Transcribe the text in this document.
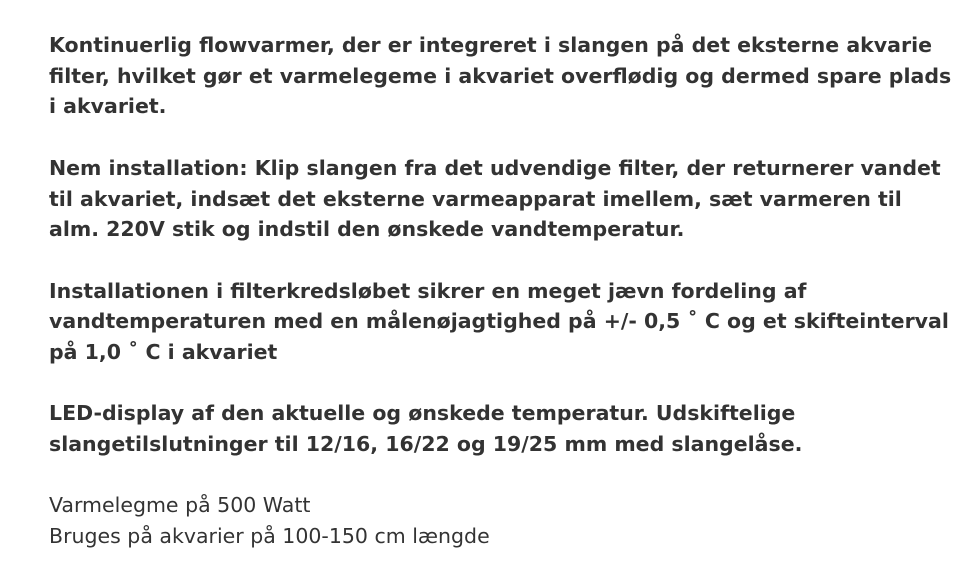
Kontinuerlig flowvarmer, der er integreret i slangen på det eksterne akvarie
filter, hvilket gør et varmelegeme i akvariet overflødig og dermed spare plads
i akvariet.

Nem installation: Klip slangen fra det udvendige filter, der returnerer vandet
til akvariet, indsæt det eksterne varmeapparat imellem, sæt varmeren til
alm. 220V stik og indstil den ønskede vandtemperatur.

Installationen i filterkredsløbet sikrer en meget jævn fordeling af
vandtemperaturen med en målenøjagtighed på +/- 0,5 ˚ C og et skifteinterval
på 1,0 ˚ C i akvariet

LED-display af den aktuelle og ønskede temperatur. Udskiftelige
slangetilslutninger til 12/16, 16/22 og 19/25 mm med slangelåse.

Varmelegme på 500 Watt
Bruges på akvarier på 100-150 cm længde
